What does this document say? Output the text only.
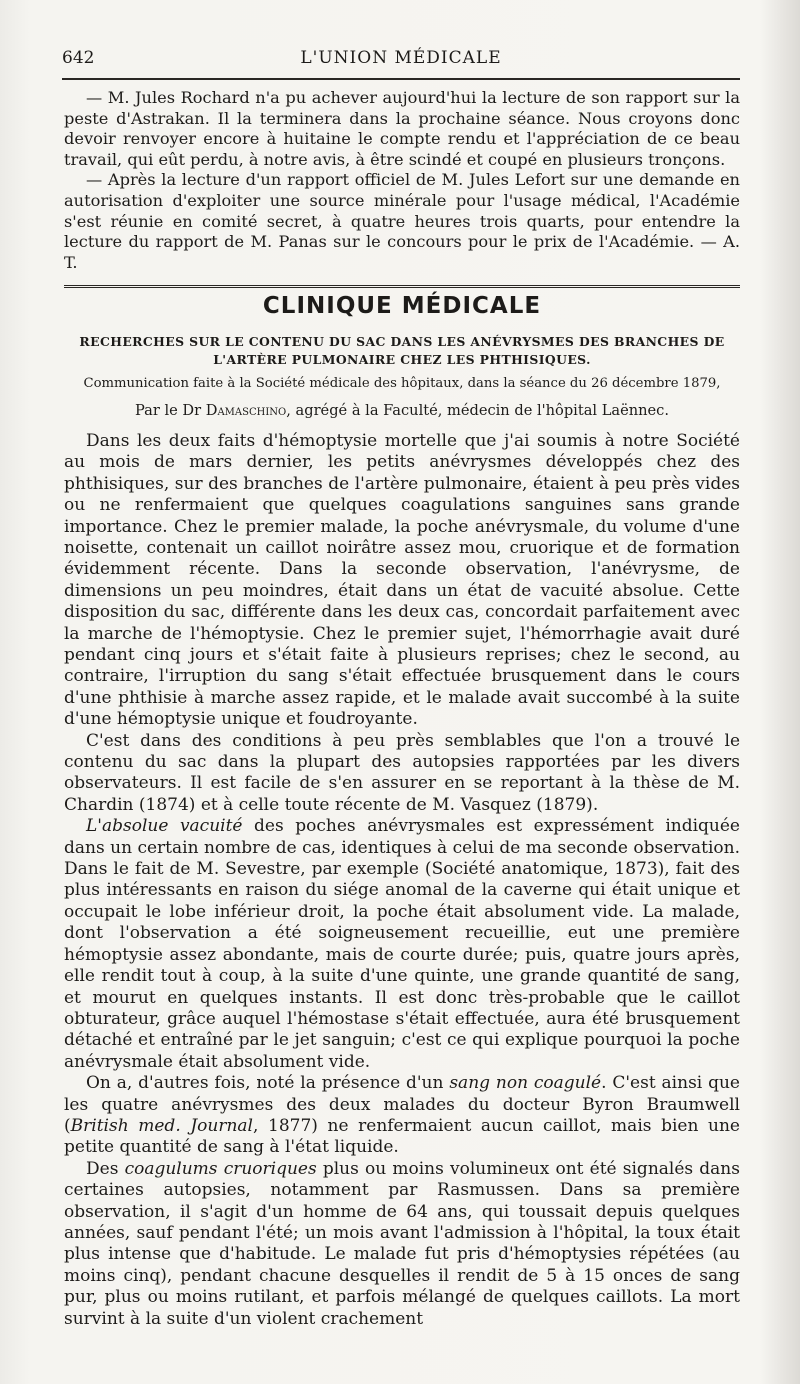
642	L'UNION MÉDICALE

— M. Jules Rochard n'a pu achever aujourd'hui la lecture de son rapport sur la peste d'Astrakan. Il la terminera dans la prochaine séance. Nous croyons donc devoir renvoyer encore à huitaine le compte rendu et l'appréciation de ce beau travail, qui eût perdu, à notre avis, à être scindé et coupé en plusieurs tronçons.

— Après la lecture d'un rapport officiel de M. Jules Lefort sur une demande en autorisation d'exploiter une source minérale pour l'usage médical, l'Académie s'est réunie en comité secret, à quatre heures trois quarts, pour entendre la lecture du rapport de M. Panas sur le concours pour le prix de l'Académie. — A. T.

CLINIQUE MÉDICALE
RECHERCHES SUR LE CONTENU DU SAC DANS LES ANÉVRYSMES DES BRANCHES DE
L'ARTÈRE PULMONAIRE CHEZ LES PHTHISIQUES.
Communication faite à la Société médicale des hôpitaux, dans la séance du 26 décembre 1879,
Par le Dr Damaschino, agrégé à la Faculté, médecin de l'hôpital Laënnec.

Dans les deux faits d'hémoptysie mortelle que j'ai soumis à notre Société au mois de mars dernier, les petits anévrysmes développés chez des phthisiques, sur des branches de l'artère pulmonaire, étaient à peu près vides ou ne renfermaient que quelques coagulations sanguines sans grande importance. Chez le premier malade, la poche anévrysmale, du volume d'une noisette, contenait un caillot noirâtre assez mou, cruorique et de formation évidemment récente. Dans la seconde observation, l'anévrysme, de dimensions un peu moindres, était dans un état de vacuité absolue. Cette disposition du sac, différente dans les deux cas, concordait parfaitement avec la marche de l'hémoptysie. Chez le premier sujet, l'hémorrhagie avait duré pendant cinq jours et s'était faite à plusieurs reprises; chez le second, au contraire, l'irruption du sang s'était effectuée brusquement dans le cours d'une phthisie à marche assez rapide, et le malade avait succombé à la suite d'une hémoptysie unique et foudroyante.

C'est dans des conditions à peu près semblables que l'on a trouvé le contenu du sac dans la plupart des autopsies rapportées par les divers observateurs. Il est facile de s'en assurer en se reportant à la thèse de M. Chardin (1874) et à celle toute récente de M. Vasquez (1879).

L'absolue vacuité des poches anévrysmales est expressément indiquée dans un certain nombre de cas, identiques à celui de ma seconde observation. Dans le fait de M. Sevestre, par exemple (Société anatomique, 1873), fait des plus intéressants en raison du siége anomal de la caverne qui était unique et occupait le lobe inférieur droit, la poche était absolument vide. La malade, dont l'observation a été soigneusement recueillie, eut une première hémoptysie assez abondante, mais de courte durée; puis, quatre jours après, elle rendit tout à coup, à la suite d'une quinte, une grande quantité de sang, et mourut en quelques instants. Il est donc très-probable que le caillot obturateur, grâce auquel l'hémostase s'était effectuée, aura été brusquement détaché et entraîné par le jet sanguin; c'est ce qui explique pourquoi la poche anévrysmale était absolument vide.

On a, d'autres fois, noté la présence d'un sang non coagulé. C'est ainsi que les quatre anévrysmes des deux malades du docteur Byron Braumwell (British med. Journal, 1877) ne renfermaient aucun caillot, mais bien une petite quantité de sang à l'état liquide.

Des coagulums cruoriques plus ou moins volumineux ont été signalés dans certaines autopsies, notamment par Rasmussen. Dans sa première observation, il s'agit d'un homme de 64 ans, qui toussait depuis quelques années, sauf pendant l'été; un mois avant l'admission à l'hôpital, la toux était plus intense que d'habitude. Le malade fut pris d'hémoptysies répétées (au moins cinq), pendant chacune desquelles il rendit de 5 à 15 onces de sang pur, plus ou moins rutilant, et parfois mélangé de quelques caillots. La mort survint à la suite d'un violent crachement
